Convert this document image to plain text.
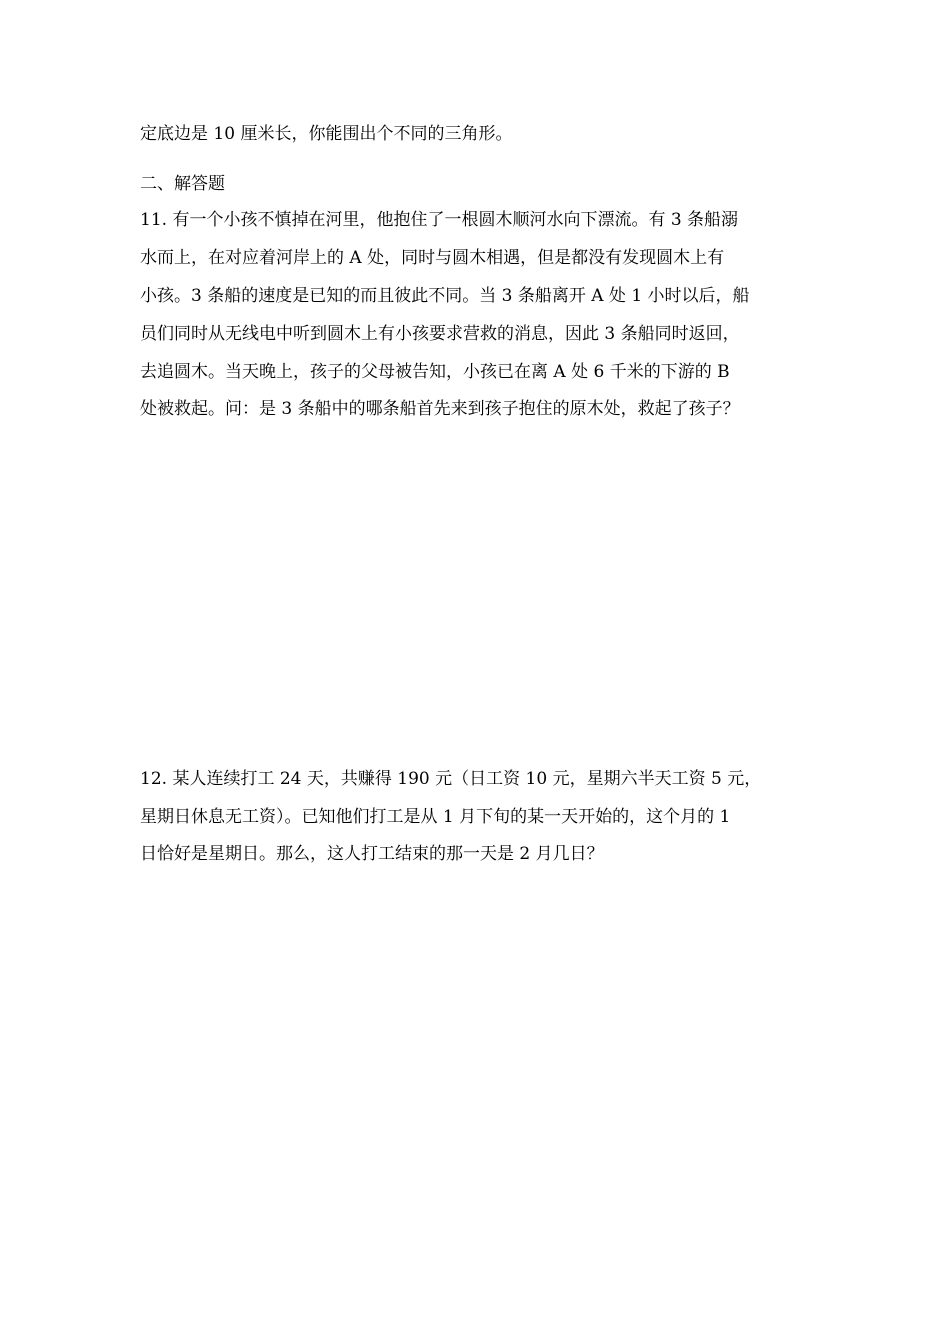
定底边是 10 厘米长，你能围出个不同的三角形。
二、解答题
11. 有一个小孩不慎掉在河里，他抱住了一根圆木顺河水向下漂流。有 3 条船溺
水而上，在对应着河岸上的 A 处，同时与圆木相遇，但是都没有发现圆木上有
小孩。3 条船的速度是已知的而且彼此不同。当 3 条船离开 A 处 1 小时以后，船
员们同时从无线电中听到圆木上有小孩要求营救的消息，因此 3 条船同时返回，
去追圆木。当天晚上，孩子的父母被告知，小孩已在离 A 处 6 千米的下游的 B
处被救起。问：是 3 条船中的哪条船首先来到孩子抱住的原木处，救起了孩子？
12. 某人连续打工 24 天，共赚得 190 元（日工资 10 元，星期六半天工资 5 元，
星期日休息无工资）。已知他们打工是从 1 月下旬的某一天开始的，这个月的 1
日恰好是星期日。那么，这人打工结束的那一天是 2 月几日？
